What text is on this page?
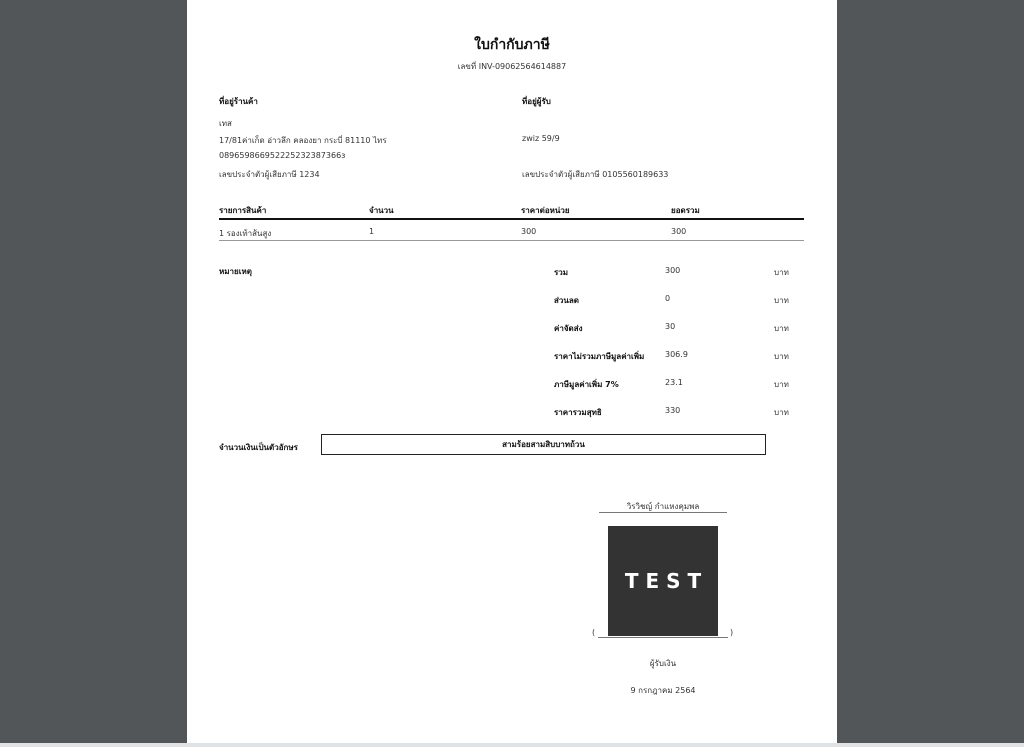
ใบกำกับภาษี
เลขที่ INV-09062564614887
ที่อยู่ร้านค้า
เทส
17/81ค่าเก็ด อ่าวลึก คลองยา กระบี่ 81110 ไทร
089659866952225232387366з
เลขประจำตัวผู้เสียภาษี 1234
ที่อยู่ผู้รับ
zwiz 59/9
เลขประจำตัวผู้เสียภาษี 0105560189633
รายการสินค้า	จำนวน	ราคาต่อหน่วย	ยอดรวม
1 รองเท้าส้นสูง	1	300	300
หมายเหตุ	รวม	300	บาท
ส่วนลด	0	บาท
ค่าจัดส่ง	30	บาท
ราคาไม่รวมภาษีมูลค่าเพิ่ม	306.9	บาท
ภาษีมูลค่าเพิ่ม 7%	23.1	บาท
ราคารวมสุทธิ	330	บาท
จำนวนเงินเป็นตัวอักษร	สามร้อยสามสิบบาทถ้วน
วิรวิชญ์ กำแหงคุมพล
TEST
(	)
ผู้รับเงิน
9 กรกฎาคม 2564
